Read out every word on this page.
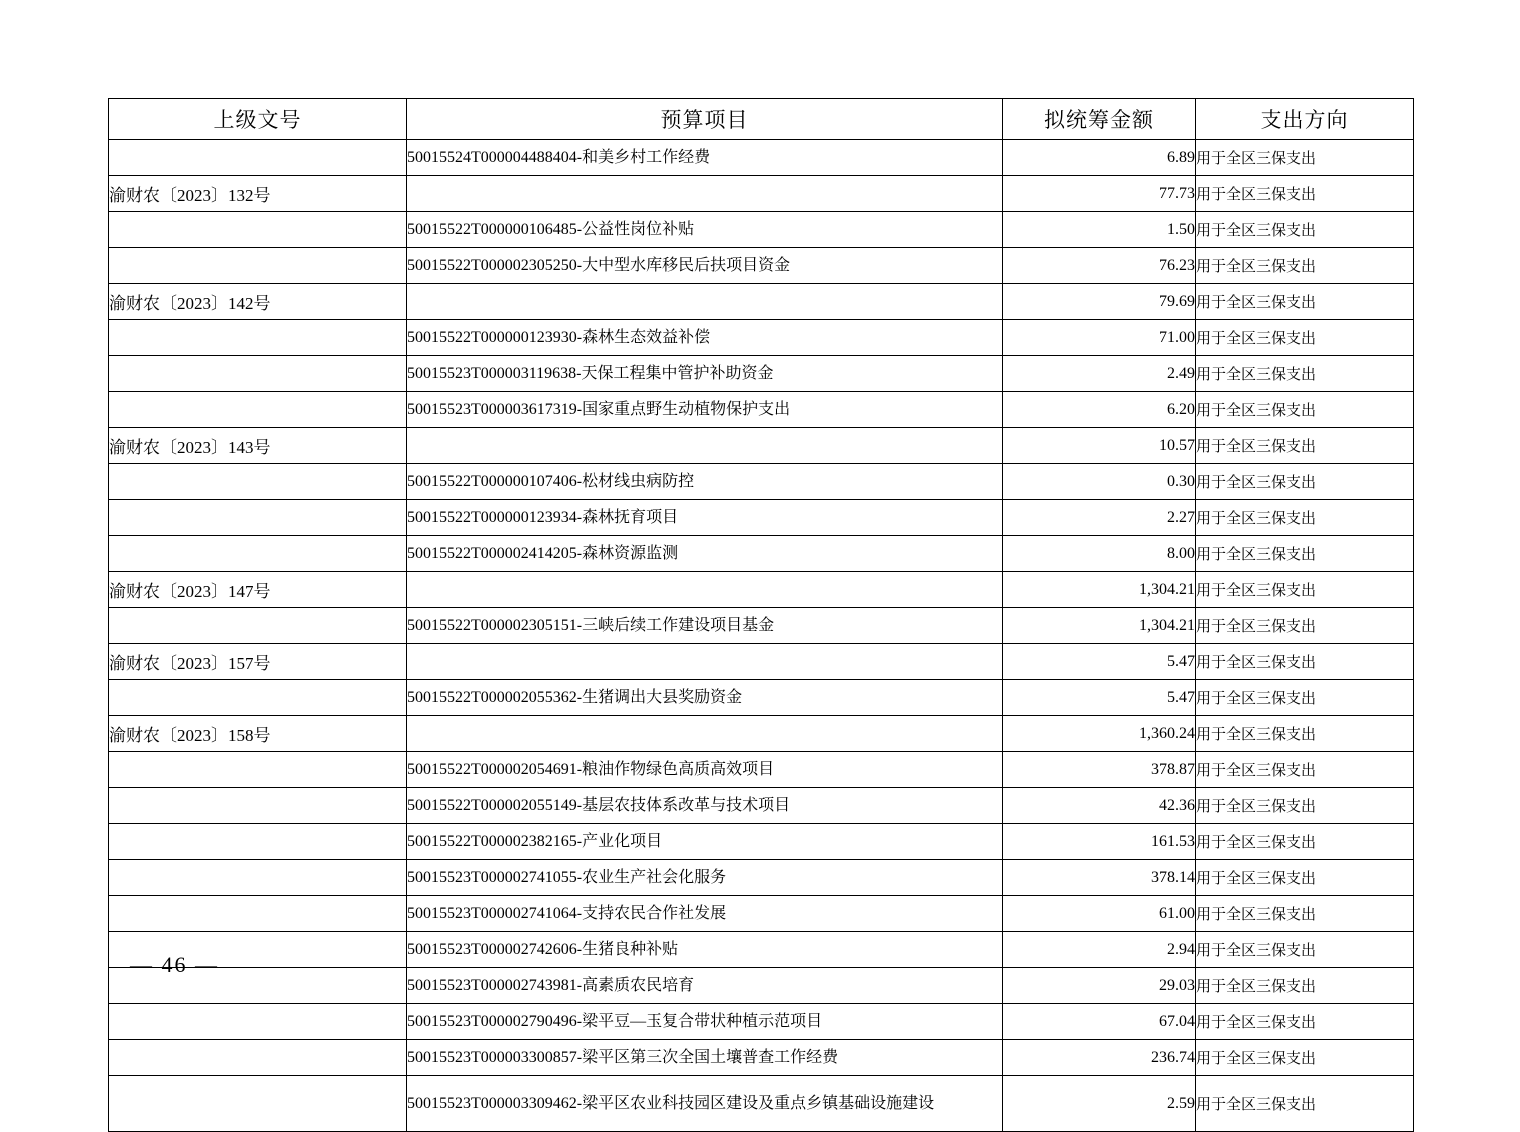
上级文号	预算项目	拟统筹金额	支出方向
	50015524T000004488404-和美乡村工作经费	6.89	用于全区三保支出
渝财农〔2023〕132号		77.73	用于全区三保支出
	50015522T000000106485-公益性岗位补贴	1.50	用于全区三保支出
	50015522T000002305250-大中型水库移民后扶项目资金	76.23	用于全区三保支出
渝财农〔2023〕142号		79.69	用于全区三保支出
	50015522T000000123930-森林生态效益补偿	71.00	用于全区三保支出
	50015523T000003119638-天保工程集中管护补助资金	2.49	用于全区三保支出
	50015523T000003617319-国家重点野生动植物保护支出	6.20	用于全区三保支出
渝财农〔2023〕143号		10.57	用于全区三保支出
	50015522T000000107406-松材线虫病防控	0.30	用于全区三保支出
	50015522T000000123934-森林抚育项目	2.27	用于全区三保支出
	50015522T000002414205-森林资源监测	8.00	用于全区三保支出
渝财农〔2023〕147号		1,304.21	用于全区三保支出
	50015522T000002305151-三峡后续工作建设项目基金	1,304.21	用于全区三保支出
渝财农〔2023〕157号		5.47	用于全区三保支出
	50015522T000002055362-生猪调出大县奖励资金	5.47	用于全区三保支出
渝财农〔2023〕158号		1,360.24	用于全区三保支出
	50015522T000002054691-粮油作物绿色高质高效项目	378.87	用于全区三保支出
	50015522T000002055149-基层农技体系改革与技术项目	42.36	用于全区三保支出
	50015522T000002382165-产业化项目	161.53	用于全区三保支出
	50015523T000002741055-农业生产社会化服务	378.14	用于全区三保支出
	50015523T000002741064-支持农民合作社发展	61.00	用于全区三保支出
	50015523T000002742606-生猪良种补贴	2.94	用于全区三保支出
	50015523T000002743981-高素质农民培育	29.03	用于全区三保支出
	50015523T000002790496-梁平豆—玉复合带状种植示范项目	67.04	用于全区三保支出
	50015523T000003300857-梁平区第三次全国土壤普查工作经费	236.74	用于全区三保支出
	50015523T000003309462-梁平区农业科技园区建设及重点乡镇基础设施建设	2.59	用于全区三保支出
— 46 —
